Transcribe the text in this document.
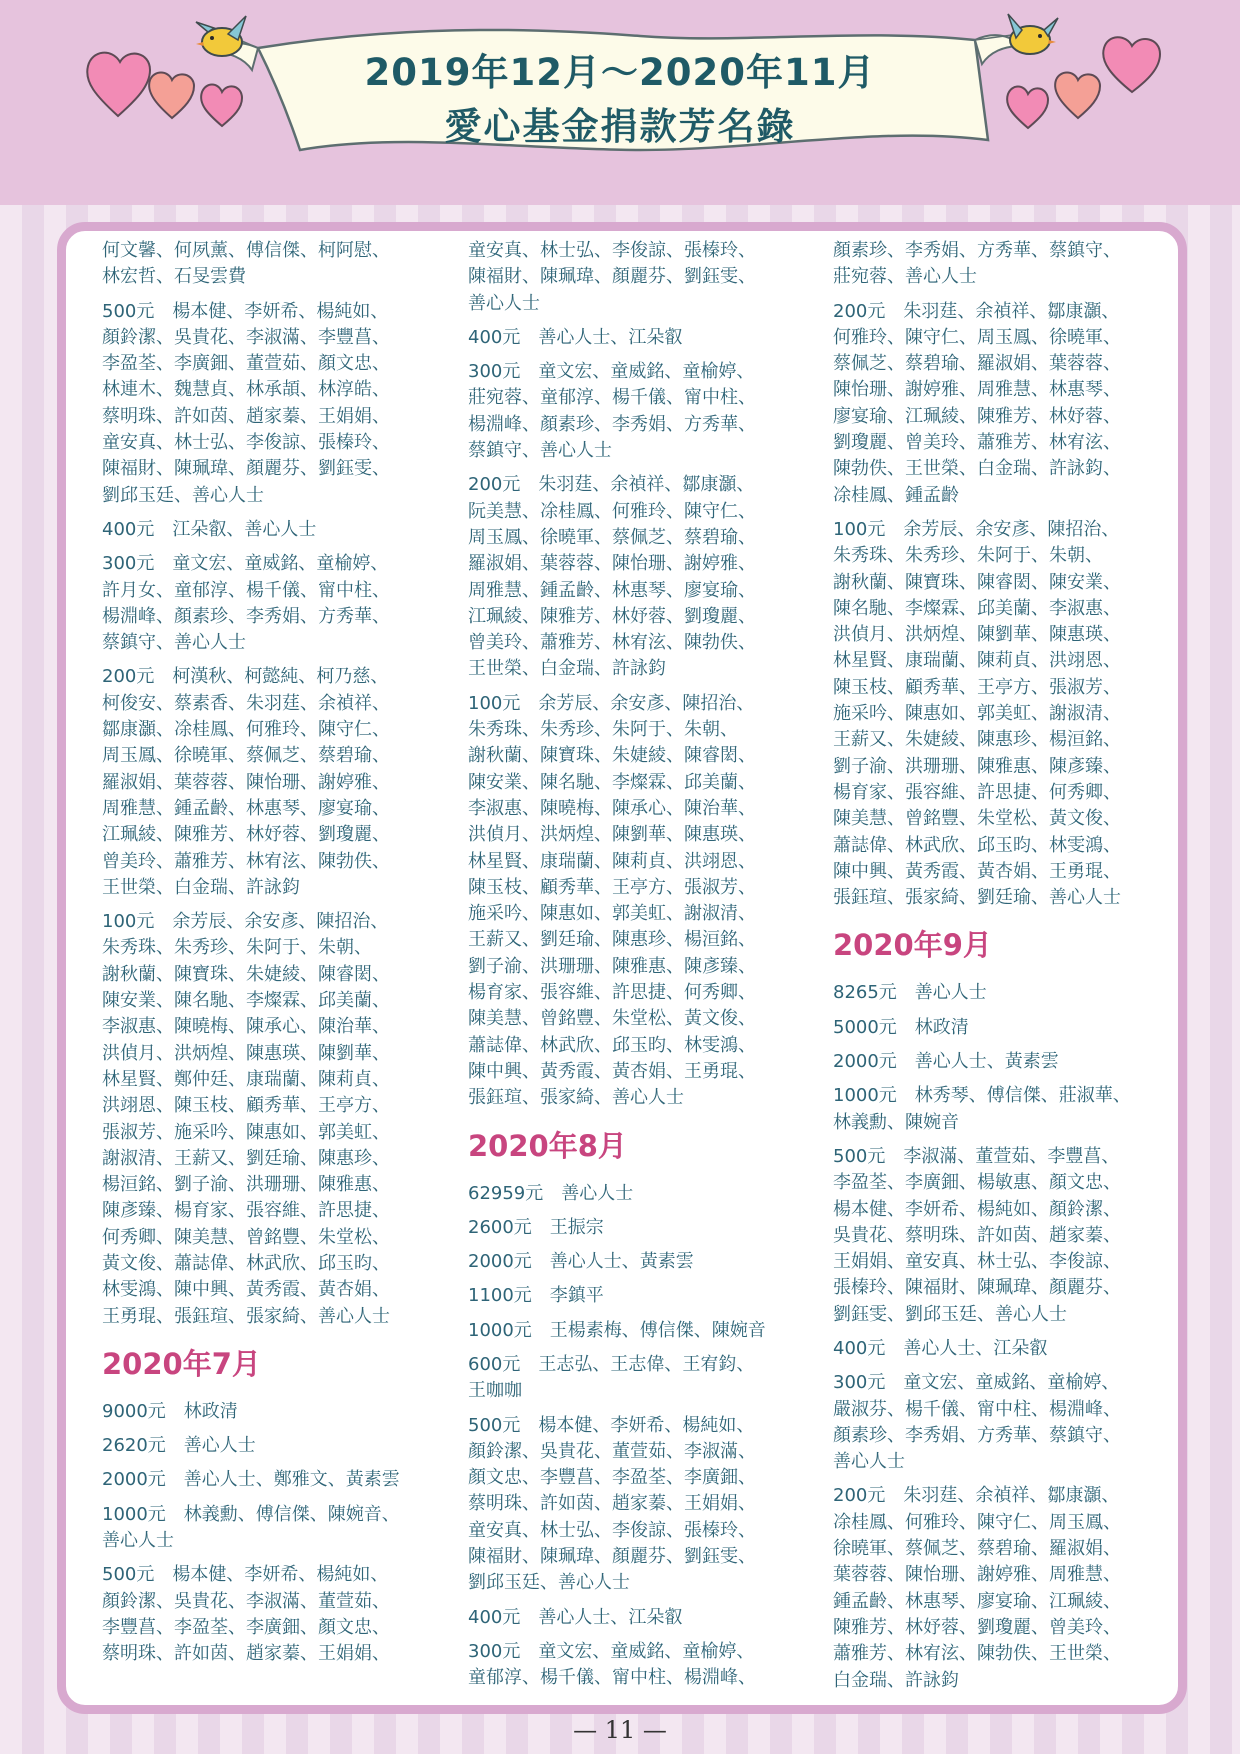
2019年12月～2020年11月
愛心基金捐款芳名錄
何文馨、何夙薰、傅信傑、柯阿慰、
林宏哲、石旻雲費
500元　楊本健、李妍希、楊純如、
顏鈴潔、吳貴花、李淑滿、李豐菖、
李盈荃、李廣鈿、董萱茹、顏文忠、
林連木、魏慧貞、林承頡、林淳皓、
蔡明珠、許如茵、趙家蓁、王娟娟、
童安真、林士弘、李俊諒、張榛玲、
陳福財、陳珮瑋、顏麗芬、劉鈺雯、
劉邱玉廷、善心人士
400元　江朵叡、善心人士
300元　童文宏、童威銘、童榆婷、
許月女、童郁淳、楊千儀、甯中柱、
楊淵峰、顏素珍、李秀娟、方秀華、
蔡鎮守、善心人士
200元　柯漢秋、柯懿純、柯乃慈、
柯俊安、蔡素香、朱羽莛、余禎祥、
鄒康灝、凃桂鳳、何雅玲、陳守仁、
周玉鳳、徐曉軍、蔡佩芝、蔡碧瑜、
羅淑娟、葉蓉蓉、陳怡珊、謝婷雅、
周雅慧、鍾孟齡、林惠琴、廖宴瑜、
江珮綾、陳雅芳、林妤蓉、劉瓊麗、
曾美玲、蕭雅芳、林宥泫、陳勃佚、
王世榮、白金瑞、許詠鈞
100元　余芳辰、余安彥、陳招治、
朱秀珠、朱秀珍、朱阿于、朱朝、
謝秋蘭、陳寶珠、朱婕綾、陳睿閎、
陳安業、陳名馳、李燦霖、邱美蘭、
李淑惠、陳曉梅、陳承心、陳治華、
洪偵月、洪炳煌、陳惠瑛、陳劉華、
林星賢、鄭仲廷、康瑞蘭、陳莉貞、
洪翊恩、陳玉枝、顧秀華、王亭方、
張淑芳、施采吟、陳惠如、郭美虹、
謝淑清、王薪又、劉廷瑜、陳惠珍、
楊洹銘、劉子渝、洪珊珊、陳雅惠、
陳彥臻、楊育家、張容維、許思捷、
何秀卿、陳美慧、曾銘豐、朱堂松、
黃文俊、蕭誌偉、林武欣、邱玉昀、
林雯鴻、陳中興、黃秀霞、黃杏娟、
王勇琨、張鈺瑄、張家綺、善心人士
2020年7月
9000元　林政清
2620元　善心人士
2000元　善心人士、鄭雅文、黃素雲
1000元　林義勳、傅信傑、陳婉音、
善心人士
500元　楊本健、李妍希、楊純如、
顏鈴潔、吳貴花、李淑滿、董萱茹、
李豐菖、李盈荃、李廣鈿、顏文忠、
蔡明珠、許如茵、趙家蓁、王娟娟、
童安真、林士弘、李俊諒、張榛玲、
陳福財、陳珮瑋、顏麗芬、劉鈺雯、
善心人士
400元　善心人士、江朵叡
300元　童文宏、童威銘、童榆婷、
莊宛蓉、童郁淳、楊千儀、甯中柱、
楊淵峰、顏素珍、李秀娟、方秀華、
蔡鎮守、善心人士
200元　朱羽莛、余禎祥、鄒康灝、
阮美慧、凃桂鳳、何雅玲、陳守仁、
周玉鳳、徐曉軍、蔡佩芝、蔡碧瑜、
羅淑娟、葉蓉蓉、陳怡珊、謝婷雅、
周雅慧、鍾孟齡、林惠琴、廖宴瑜、
江珮綾、陳雅芳、林妤蓉、劉瓊麗、
曾美玲、蕭雅芳、林宥泫、陳勃佚、
王世榮、白金瑞、許詠鈞
100元　余芳辰、余安彥、陳招治、
朱秀珠、朱秀珍、朱阿于、朱朝、
謝秋蘭、陳寶珠、朱婕綾、陳睿閎、
陳安業、陳名馳、李燦霖、邱美蘭、
李淑惠、陳曉梅、陳承心、陳治華、
洪偵月、洪炳煌、陳劉華、陳惠瑛、
林星賢、康瑞蘭、陳莉貞、洪翊恩、
陳玉枝、顧秀華、王亭方、張淑芳、
施采吟、陳惠如、郭美虹、謝淑清、
王薪又、劉廷瑜、陳惠珍、楊洹銘、
劉子渝、洪珊珊、陳雅惠、陳彥臻、
楊育家、張容維、許思捷、何秀卿、
陳美慧、曾銘豐、朱堂松、黃文俊、
蕭誌偉、林武欣、邱玉昀、林雯鴻、
陳中興、黃秀霞、黃杏娟、王勇琨、
張鈺瑄、張家綺、善心人士
2020年8月
62959元　善心人士
2600元　王振宗
2000元　善心人士、黃素雲
1100元　李鎮平
1000元　王楊素梅、傅信傑、陳婉音
600元　王志弘、王志偉、王宥鈞、
王咖咖
500元　楊本健、李妍希、楊純如、
顏鈴潔、吳貴花、董萱茹、李淑滿、
顏文忠、李豐菖、李盈荃、李廣鈿、
蔡明珠、許如茵、趙家蓁、王娟娟、
童安真、林士弘、李俊諒、張榛玲、
陳福財、陳珮瑋、顏麗芬、劉鈺雯、
劉邱玉廷、善心人士
400元　善心人士、江朵叡
300元　童文宏、童威銘、童榆婷、
童郁淳、楊千儀、甯中柱、楊淵峰、
顏素珍、李秀娟、方秀華、蔡鎮守、
莊宛蓉、善心人士
200元　朱羽莛、余禎祥、鄒康灝、
何雅玲、陳守仁、周玉鳳、徐曉軍、
蔡佩芝、蔡碧瑜、羅淑娟、葉蓉蓉、
陳怡珊、謝婷雅、周雅慧、林惠琴、
廖宴瑜、江珮綾、陳雅芳、林妤蓉、
劉瓊麗、曾美玲、蕭雅芳、林宥泫、
陳勃佚、王世榮、白金瑞、許詠鈞、
凃桂鳳、鍾孟齡
100元　余芳辰、余安彥、陳招治、
朱秀珠、朱秀珍、朱阿于、朱朝、
謝秋蘭、陳寶珠、陳睿閎、陳安業、
陳名馳、李燦霖、邱美蘭、李淑惠、
洪偵月、洪炳煌、陳劉華、陳惠瑛、
林星賢、康瑞蘭、陳莉貞、洪翊恩、
陳玉枝、顧秀華、王亭方、張淑芳、
施采吟、陳惠如、郭美虹、謝淑清、
王薪又、朱婕綾、陳惠珍、楊洹銘、
劉子渝、洪珊珊、陳雅惠、陳彥臻、
楊育家、張容維、許思捷、何秀卿、
陳美慧、曾銘豐、朱堂松、黃文俊、
蕭誌偉、林武欣、邱玉昀、林雯鴻、
陳中興、黃秀霞、黃杏娟、王勇琨、
張鈺瑄、張家綺、劉廷瑜、善心人士
2020年9月
8265元　善心人士
5000元　林政清
2000元　善心人士、黃素雲
1000元　林秀琴、傅信傑、莊淑華、
林義勳、陳婉音
500元　李淑滿、董萱茹、李豐菖、
李盈荃、李廣鈿、楊敏惠、顏文忠、
楊本健、李妍希、楊純如、顏鈴潔、
吳貴花、蔡明珠、許如茵、趙家蓁、
王娟娟、童安真、林士弘、李俊諒、
張榛玲、陳福財、陳珮瑋、顏麗芬、
劉鈺雯、劉邱玉廷、善心人士
400元　善心人士、江朵叡
300元　童文宏、童威銘、童榆婷、
嚴淑芬、楊千儀、甯中柱、楊淵峰、
顏素珍、李秀娟、方秀華、蔡鎮守、
善心人士
200元　朱羽莛、余禎祥、鄒康灝、
凃桂鳳、何雅玲、陳守仁、周玉鳳、
徐曉軍、蔡佩芝、蔡碧瑜、羅淑娟、
葉蓉蓉、陳怡珊、謝婷雅、周雅慧、
鍾孟齡、林惠琴、廖宴瑜、江珮綾、
陳雅芳、林妤蓉、劉瓊麗、曾美玲、
蕭雅芳、林宥泫、陳勃佚、王世榮、
白金瑞、許詠鈞
— 11 —
